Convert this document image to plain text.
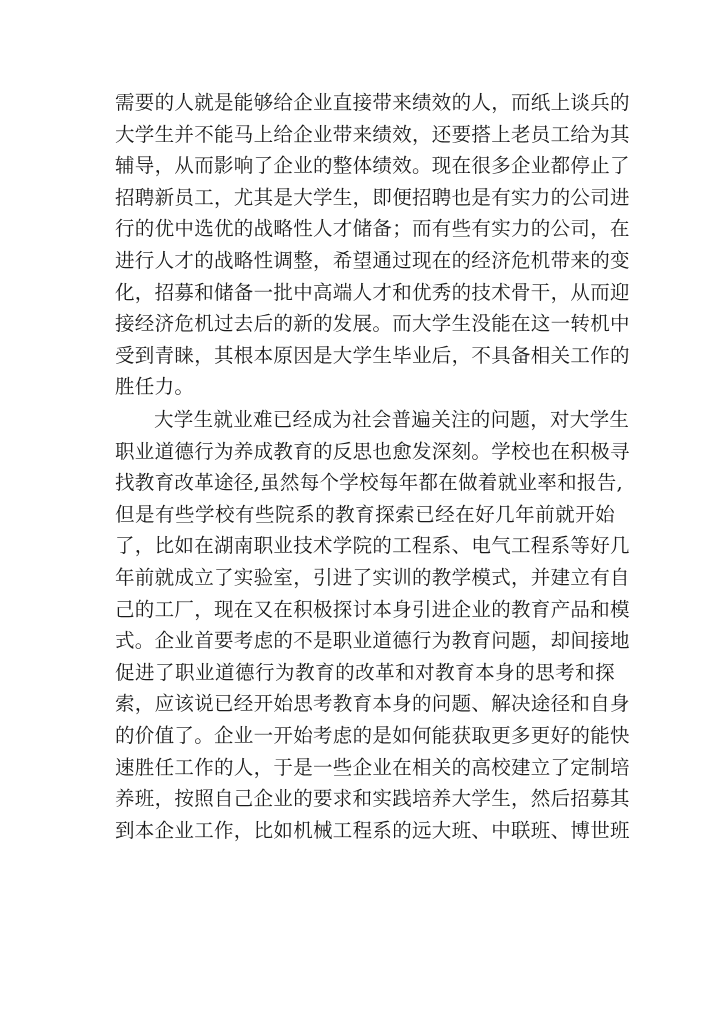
需要的人就是能够给企业直接带来绩效的人，而纸上谈兵的
大学生并不能马上给企业带来绩效，还要搭上老员工给为其
辅导，从而影响了企业的整体绩效。现在很多企业都停止了
招聘新员工，尤其是大学生，即便招聘也是有实力的公司进
行的优中选优的战略性人才储备；而有些有实力的公司，在
进行人才的战略性调整，希望通过现在的经济危机带来的变
化，招募和储备一批中高端人才和优秀的技术骨干，从而迎
接经济危机过去后的新的发展。而大学生没能在这一转机中
受到青睐，其根本原因是大学生毕业后，不具备相关工作的
胜任力。
大学生就业难已经成为社会普遍关注的问题，对大学生
职业道德行为养成教育的反思也愈发深刻。学校也在积极寻
找教育改革途径,虽然每个学校每年都在做着就业率和报告,
但是有些学校有些院系的教育探索已经在好几年前就开始
了，比如在湖南职业技术学院的工程系、电气工程系等好几
年前就成立了实验室，引进了实训的教学模式，并建立有自
己的工厂，现在又在积极探讨本身引进企业的教育产品和模
式。企业首要考虑的不是职业道德行为教育问题，却间接地
促进了职业道德行为教育的改革和对教育本身的思考和探
索，应该说已经开始思考教育本身的问题、解决途径和自身
的价值了。企业一开始考虑的是如何能获取更多更好的能快
速胜任工作的人，于是一些企业在相关的高校建立了定制培
养班，按照自己企业的要求和实践培养大学生，然后招募其
到本企业工作，比如机械工程系的远大班、中联班、博世班
